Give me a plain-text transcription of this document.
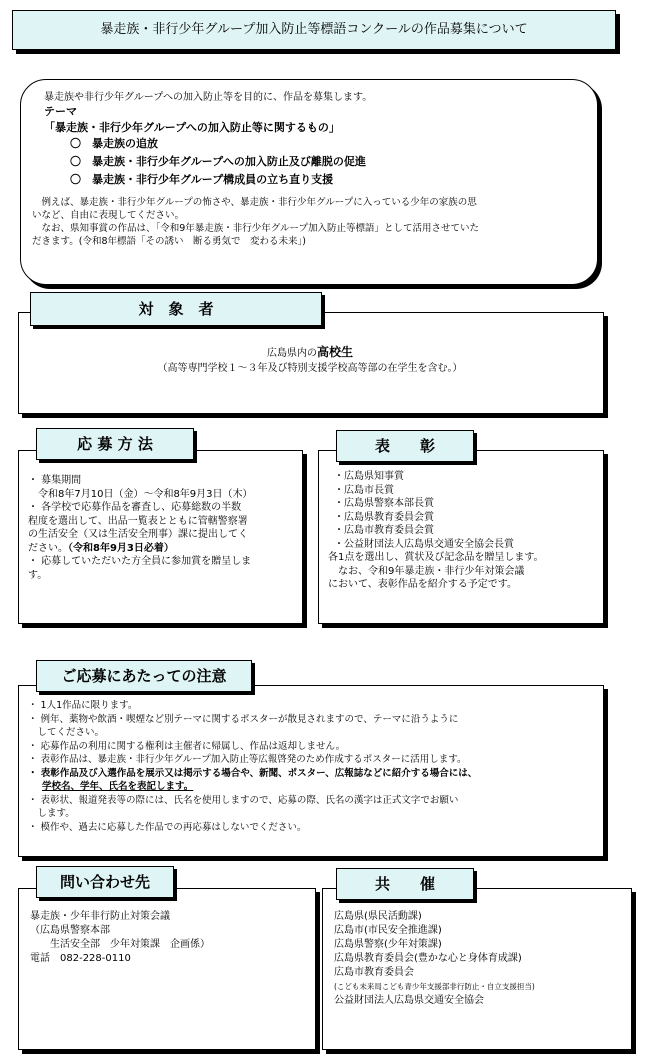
暴走族・非行少年グループ加入防止等標語コンクールの作品募集について
暴走族や非行少年グループへの加入防止等を目的に、作品を募集します。
テーマ
「暴走族・非行少年グループへの加入防止等に関するもの」
〇　暴走族の追放
〇　暴走族・非行少年グループへの加入防止及び離脱の促進
〇　暴走族・非行少年グループ構成員の立ち直り支援
　例えば、暴走族・非行少年グループの怖さや、暴走族・非行少年グループに入っている少年の家族の思
いなど、自由に表現してください。
　なお、県知事賞の作品は、「令和9年暴走族・非行少年グループ加入防止等標語」として活用させていた
だきます。(令和8年標語「その誘い　断る勇気で　変わる未来」)
対　象　者
広島県内の高校生
（高等専門学校１～３年及び特別支援学校高等部の在学生を含む。）
応 募 方 法
・ 募集期間
　令和8年7月10日（金）～令和8年9月3日（木）
・ 各学校で応募作品を審査し、応募総数の半数
程度を選出して、出品一覧表とともに管轄警察署
の生活安全（又は生活安全刑事）課に提出してく
ださい。（令和8年9月3日必着）
・ 応募していただいた方全員に参加賞を贈呈しま
す。
表　　彰
・広島県知事賞
・広島市長賞
・広島県警察本部長賞
・広島県教育委員会賞
・広島市教育委員会賞
・公益財団法人広島県交通安全協会長賞
各1点を選出し、賞状及び記念品を贈呈します。
　なお、令和9年暴走族・非行少年対策会議
において、表彰作品を紹介する予定です。
ご応募にあたっての注意
・ 1人1作品に限ります。
・ 例年、薬物や飲酒・喫煙など別テーマに関するポスターが散見されますので、テーマに沿うように
　してください。
・ 応募作品の利用に関する権利は主催者に帰属し、作品は返却しません。
・ 表彰作品は、暴走族・非行少年グループ加入防止等広報啓発のため作成するポスターに活用します。
・ 表彰作品及び入選作品を展示又は掲示する場合や、新聞、ポスター、広報誌などに紹介する場合には、
学校名、学年、氏名を表記します。
・ 表彰状、報道発表等の際には、氏名を使用しますので、応募の際、氏名の漢字は正式文字でお願い
　します。
・ 模作や、過去に応募した作品での再応募はしないでください。
問い合わせ先
暴走族・少年非行防止対策会議
（広島県警察本部
　　生活安全部　少年対策課　企画係）
電話　082-228-0110
共　　催
広島県(県民活動課)
広島市(市民安全推進課)
広島県警察(少年対策課)
広島県教育委員会(豊かな心と身体育成課)
広島市教育委員会
(こども未来局こども青少年支援部非行防止・自立支援担当)
公益財団法人広島県交通安全協会
